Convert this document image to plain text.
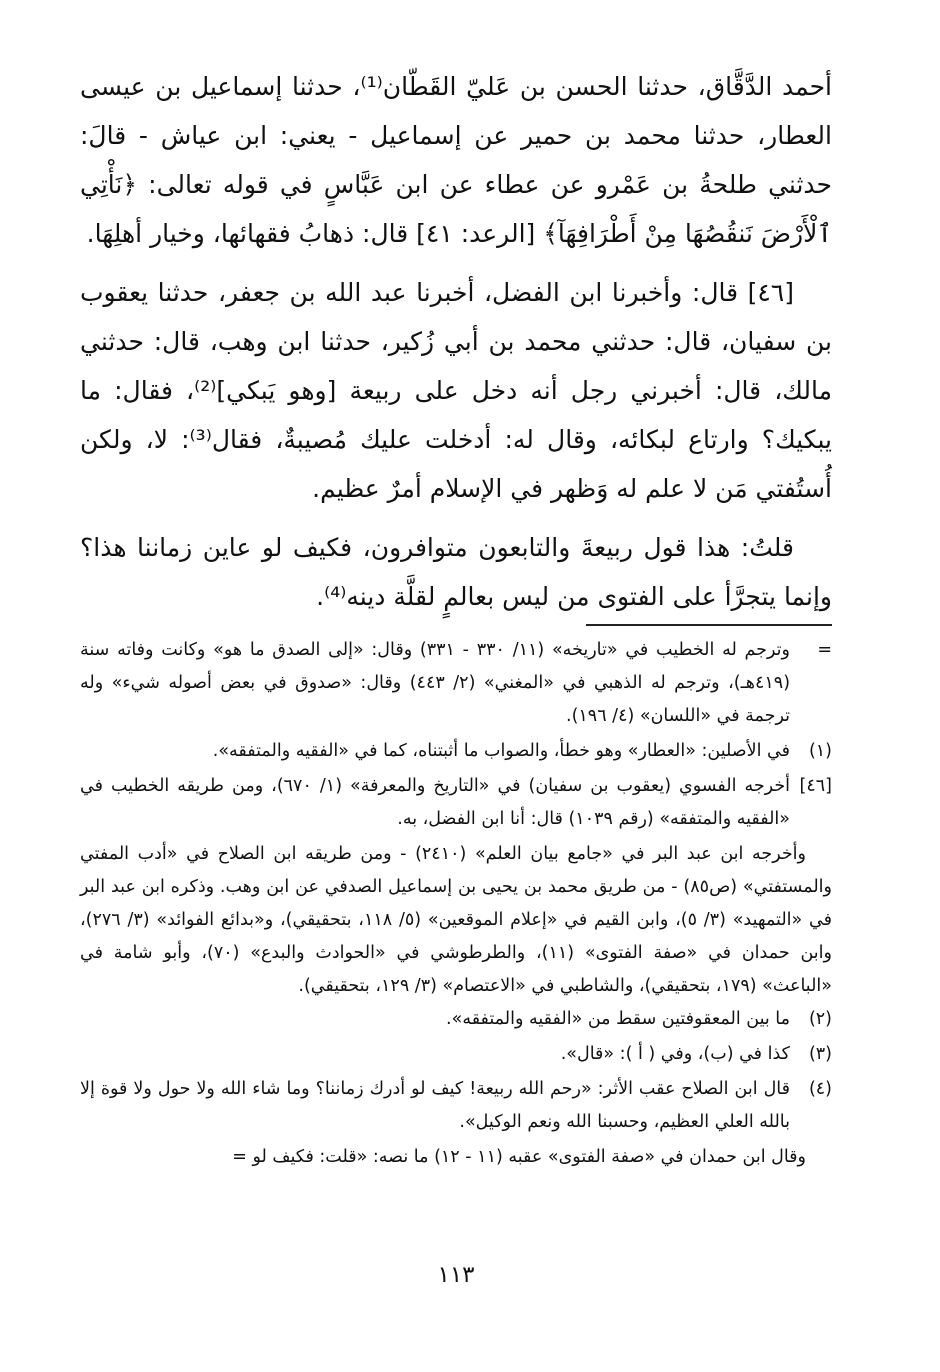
أحمد الدَّقَّاق، حدثنا الحسن بن عَليّ القَطّان⁽¹⁾، حدثنا إسماعيل بن عيسى العطار، حدثنا محمد بن حمير عن إسماعيل - يعني: ابن عياش - قالَ: حدثني طلحةُ بن عَمْرو عن عطاء عن ابن عَبَّاسٍ في قوله تعالى: ﴿نَأْتِي ٱلْأَرْضَ نَنقُصُهَا مِنْ أَطْرَافِهَآ﴾ [الرعد: ٤١] قال: ذهابُ فقهائها، وخيار أهلِهَا.

[٤٦] قال: وأخبرنا ابن الفضل، أخبرنا عبد الله بن جعفر، حدثنا يعقوب بن سفيان، قال: حدثني محمد بن أبي زُكير، حدثنا ابن وهب، قال: حدثني مالك، قال: أخبرني رجل أنه دخل على ربيعة [وهو يَبكي]⁽²⁾، فقال: ما يبكيك؟ وارتاع لبكائه، وقال له: أدخلت عليك مُصيبةٌ، فقال⁽³⁾: لا، ولكن أُستُفتي مَن لا علم له وَظهر في الإسلام أمرٌ عظيم.

قلتُ: هذا قول ربيعةَ والتابعون متوافرون، فكيف لو عاين زماننا هذا؟ وإنما يتجرَّأ على الفتوى من ليس بعالمٍ لقلَّة دينه⁽⁴⁾.

=

وترجم له الخطيب في «تاريخه» (١١/ ٣٣٠ - ٣٣١) وقال: «إلى الصدق ما هو» وكانت وفاته سنة (٤١٩هـ)، وترجم له الذهبي في «المغني» (٢/ ٤٤٣) وقال: «صدوق في بعض أصوله شيء» وله ترجمة في «اللسان» (٤/ ١٩٦).

(١)

في الأصلين: «العطار» وهو خطأ، والصواب ما أثبتناه، كما في «الفقيه والمتفقه».

[٤٦]

أخرجه الفسوي (يعقوب بن سفيان) في «التاريخ والمعرفة» (١/ ٦٧٠)، ومن طريقه الخطيب في «الفقيه والمتفقه» (رقم ١٠٣٩) قال: أنا ابن الفضل، به.

وأخرجه ابن عبد البر في «جامع بيان العلم» (٢٤١٠) - ومن طريقه ابن الصلاح في «أدب المفتي والمستفتي» (ص٨٥) - من طريق محمد بن يحيى بن إسماعيل الصدفي عن ابن وهب. وذكره ابن عبد البر في «التمهيد» (٣/ ٥)، وابن القيم في «إعلام الموقعين» (٥/ ١١٨، بتحقيقي)، و«بدائع الفوائد» (٣/ ٢٧٦)، وابن حمدان في «صفة الفتوى» (١١)، والطرطوشي في «الحوادث والبدع» (٧٠)، وأبو شامة في «الباعث» (١٧٩، بتحقيقي)، والشاطبي في «الاعتصام» (٣/ ١٢٩، بتحقيقي).

(٢)

ما بين المعقوفتين سقط من «الفقيه والمتفقه».

(٣)

كذا في (ب)، وفي ( أ ): «قال».

(٤)

قال ابن الصلاح عقب الأثر: «رحم الله ربيعة! كيف لو أدرك زماننا؟ وما شاء الله ولا حول ولا قوة إلا بالله العلي العظيم، وحسبنا الله ونعم الوكيل».

وقال ابن حمدان في «صفة الفتوى» عقبه (١١ - ١٢) ما نصه: «قلت: فكيف لو =

١١٣
